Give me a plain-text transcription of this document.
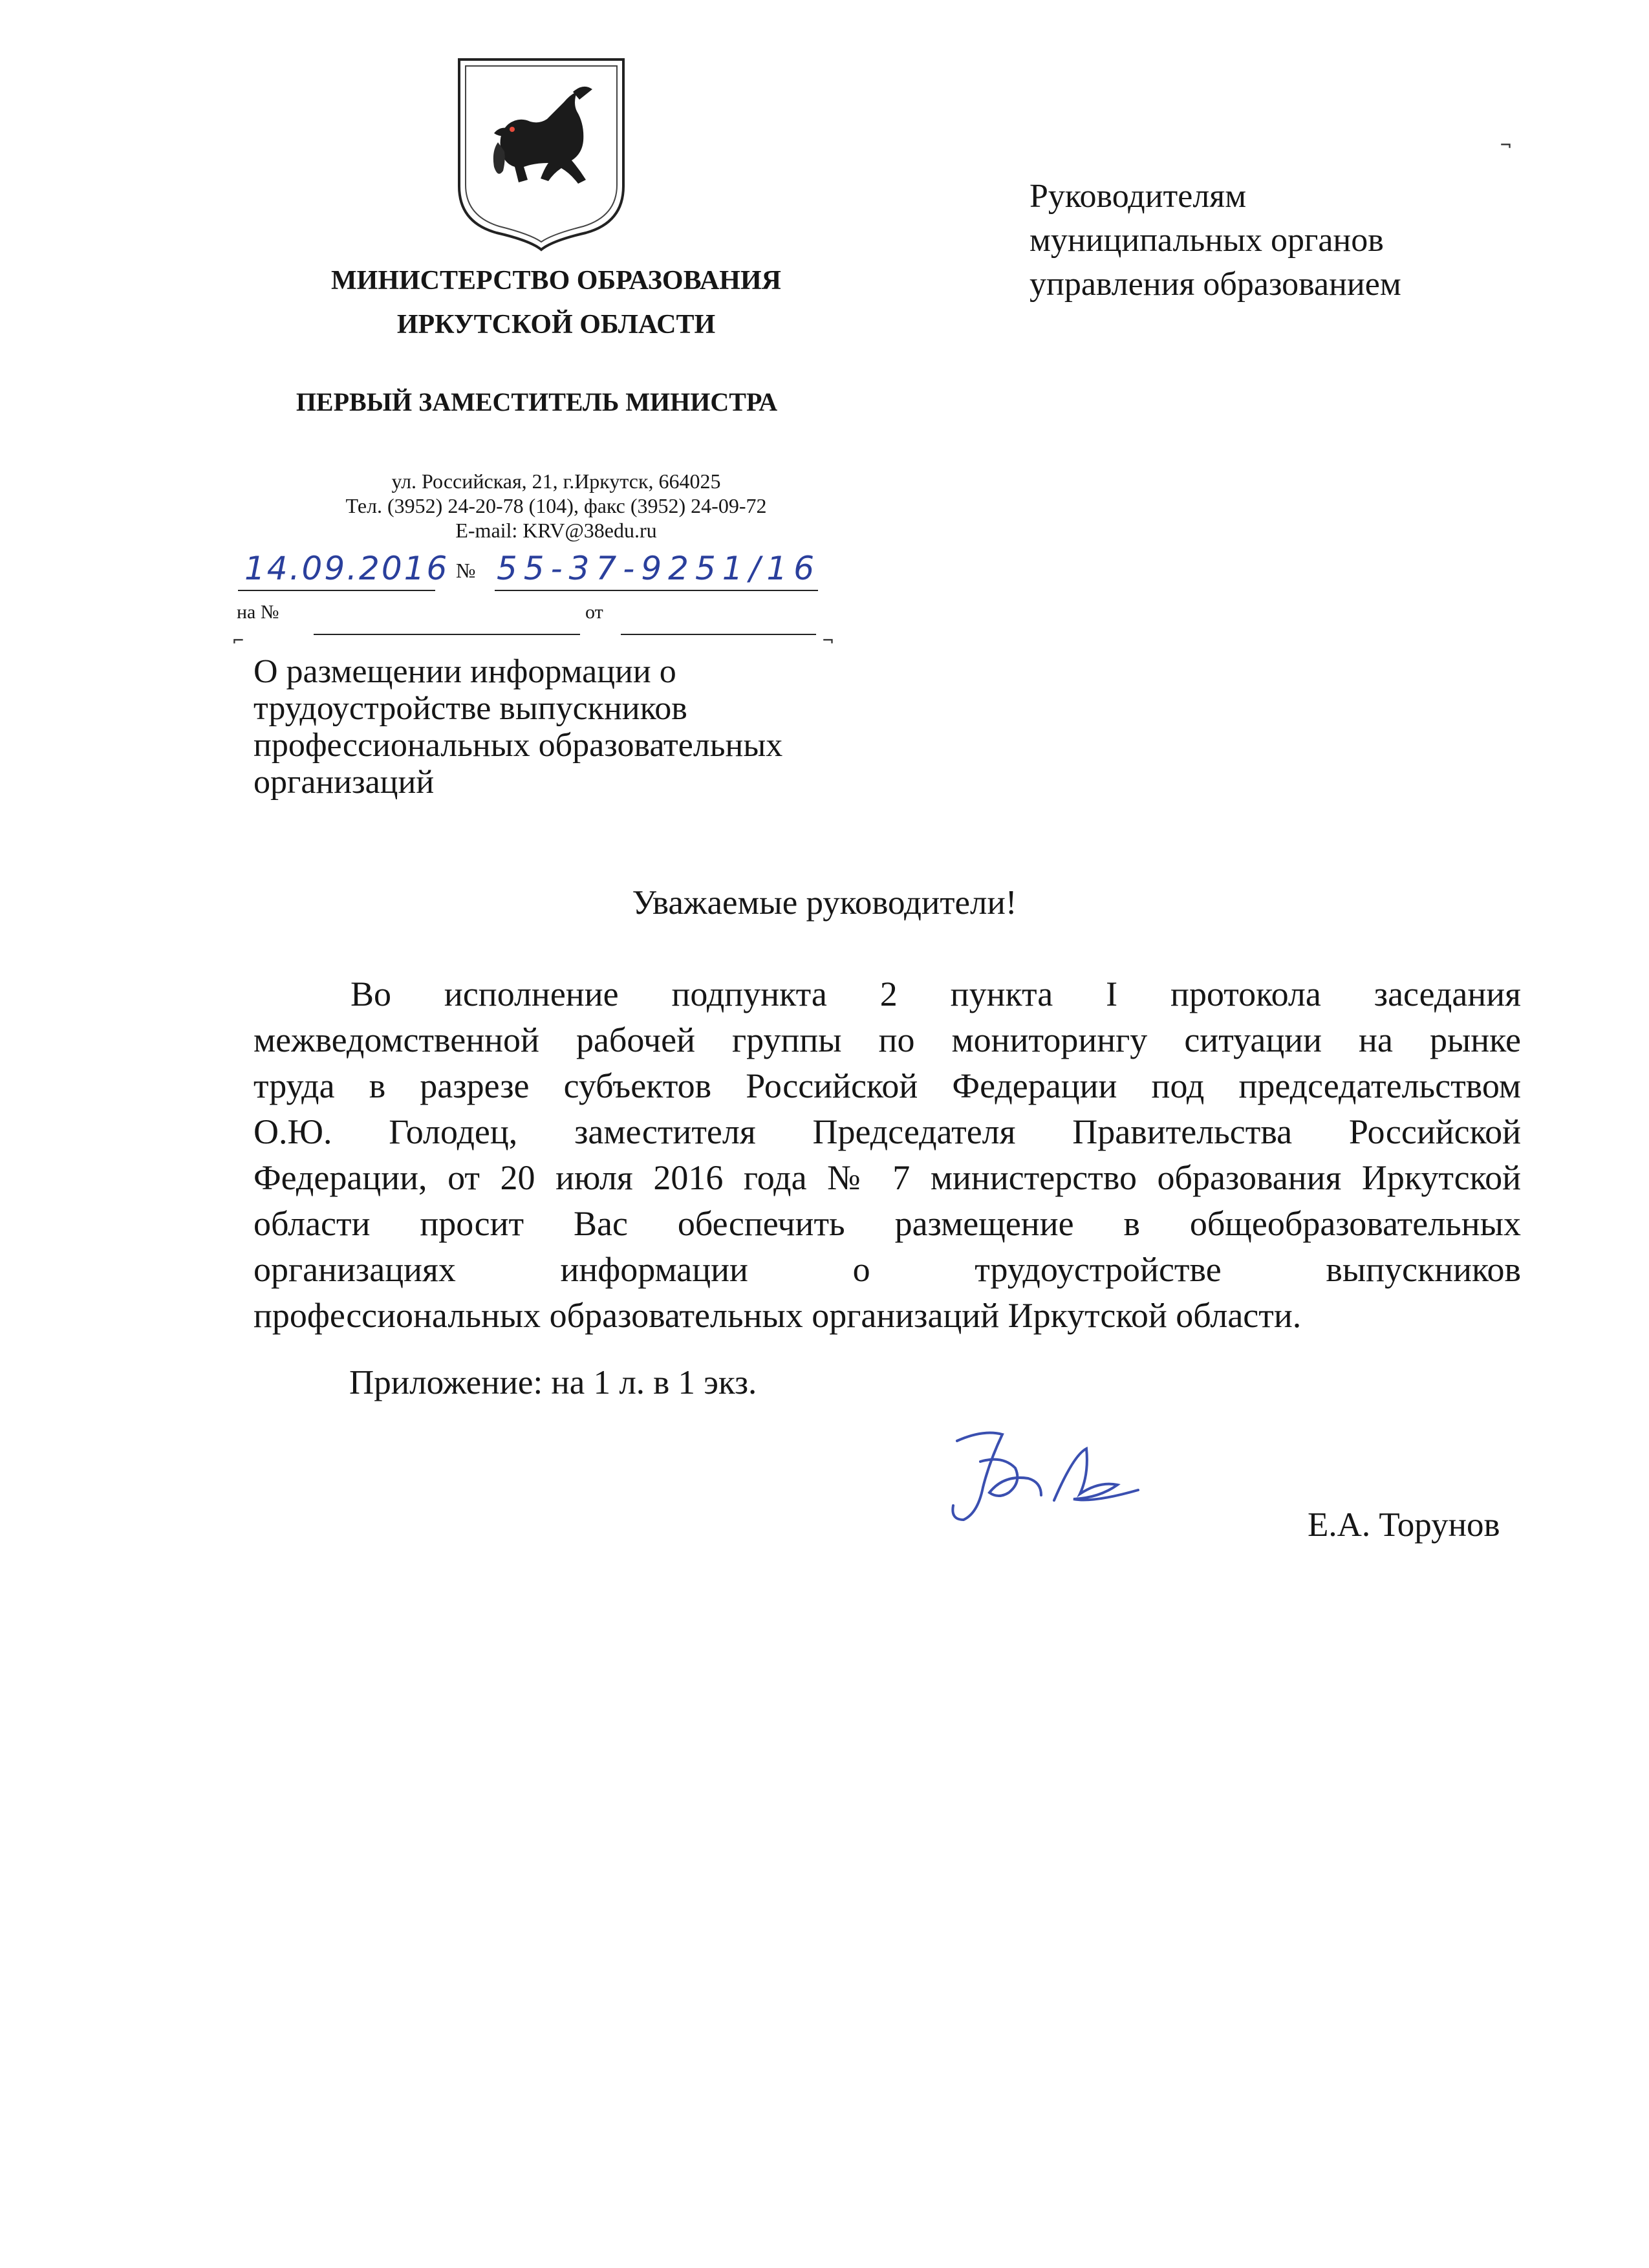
МИНИСТЕРСТВО ОБРАЗОВАНИЯ
ИРКУТСКОЙ ОБЛАСТИ
ПЕРВЫЙ ЗАМЕСТИТЕЛЬ МИНИСТРА
ул. Российская, 21, г.Иркутск, 664025
Тел. (3952) 24-20-78 (104), факс (3952) 24-09-72
E-mail: KRV@38edu.ru
14.09.2016 № 55-37-9251/16
на №	от
⌐	¬
¬
Руководителям
муниципальных органов
управления образованием
О размещении информации о
трудоустройстве выпускников
профессиональных образовательных
организаций
Уважаемые руководители!
Во исполнение подпункта 2 пункта I протокола заседания
межведомственной рабочей группы по мониторингу ситуации на рынке
труда в разрезе субъектов Российской Федерации под председательством
О.Ю. Голодец, заместителя Председателя Правительства Российской
Федерации, от 20 июля 2016 года № 7 министерство образования Иркутской
области просит Вас обеспечить размещение в общеобразовательных
организациях информации о трудоустройстве выпускников
профессиональных образовательных организаций Иркутской области.
Приложение: на 1 л. в 1 экз.
Е.А. Торунов
